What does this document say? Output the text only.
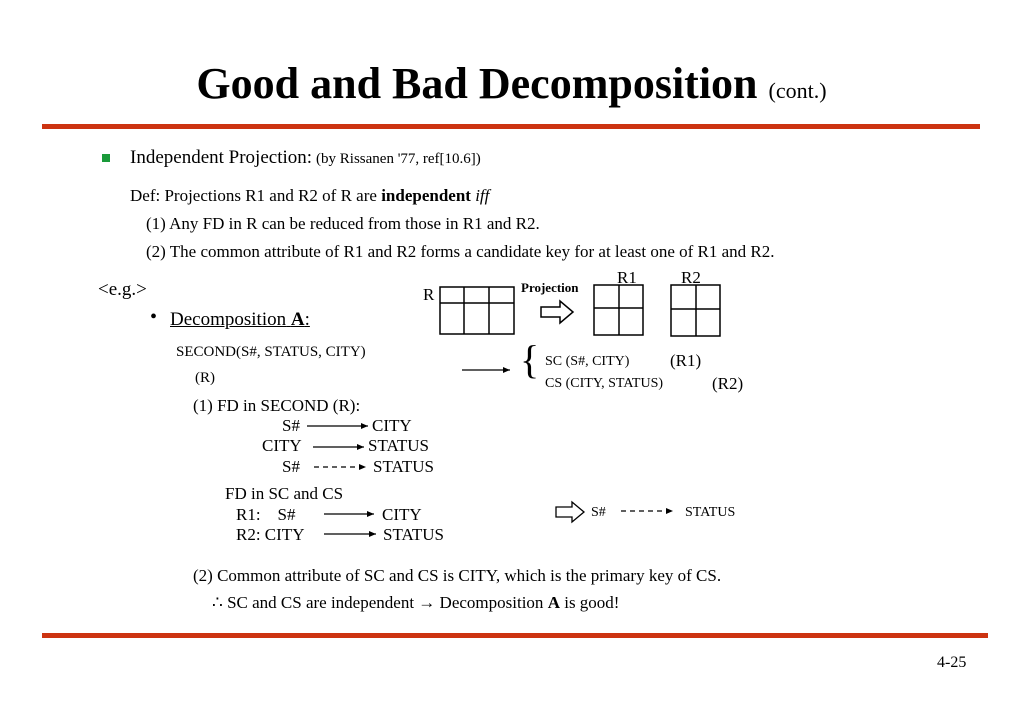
Good and Bad Decomposition (cont.)
Independent Projection: (by Rissanen '77, ref[10.6])
Def: Projections R1 and R2 of R are independent iff
(1) Any FD in R can be reduced from those in R1 and R2.
(2) The common attribute of R1 and R2 forms a candidate key for at least one of R1 and R2.
<e.g.>
• Decomposition A:
R	Projection
R1	R2
SECOND(S#, STATUS, CITY)
(R)	{ SC (S#, CITY) (R1)
CS (CITY, STATUS)	(R2)
(1) FD in SECOND (R):
S#	CITY
CITY	STATUS
S#	STATUS
FD in SC and CS
R1:    S#	CITY
R2: CITY	STATUS
S#	STATUS
(2) Common attribute of SC and CS is CITY, which is the primary key of CS.
∴ SC and CS are independent → Decomposition A is good!
4-25
